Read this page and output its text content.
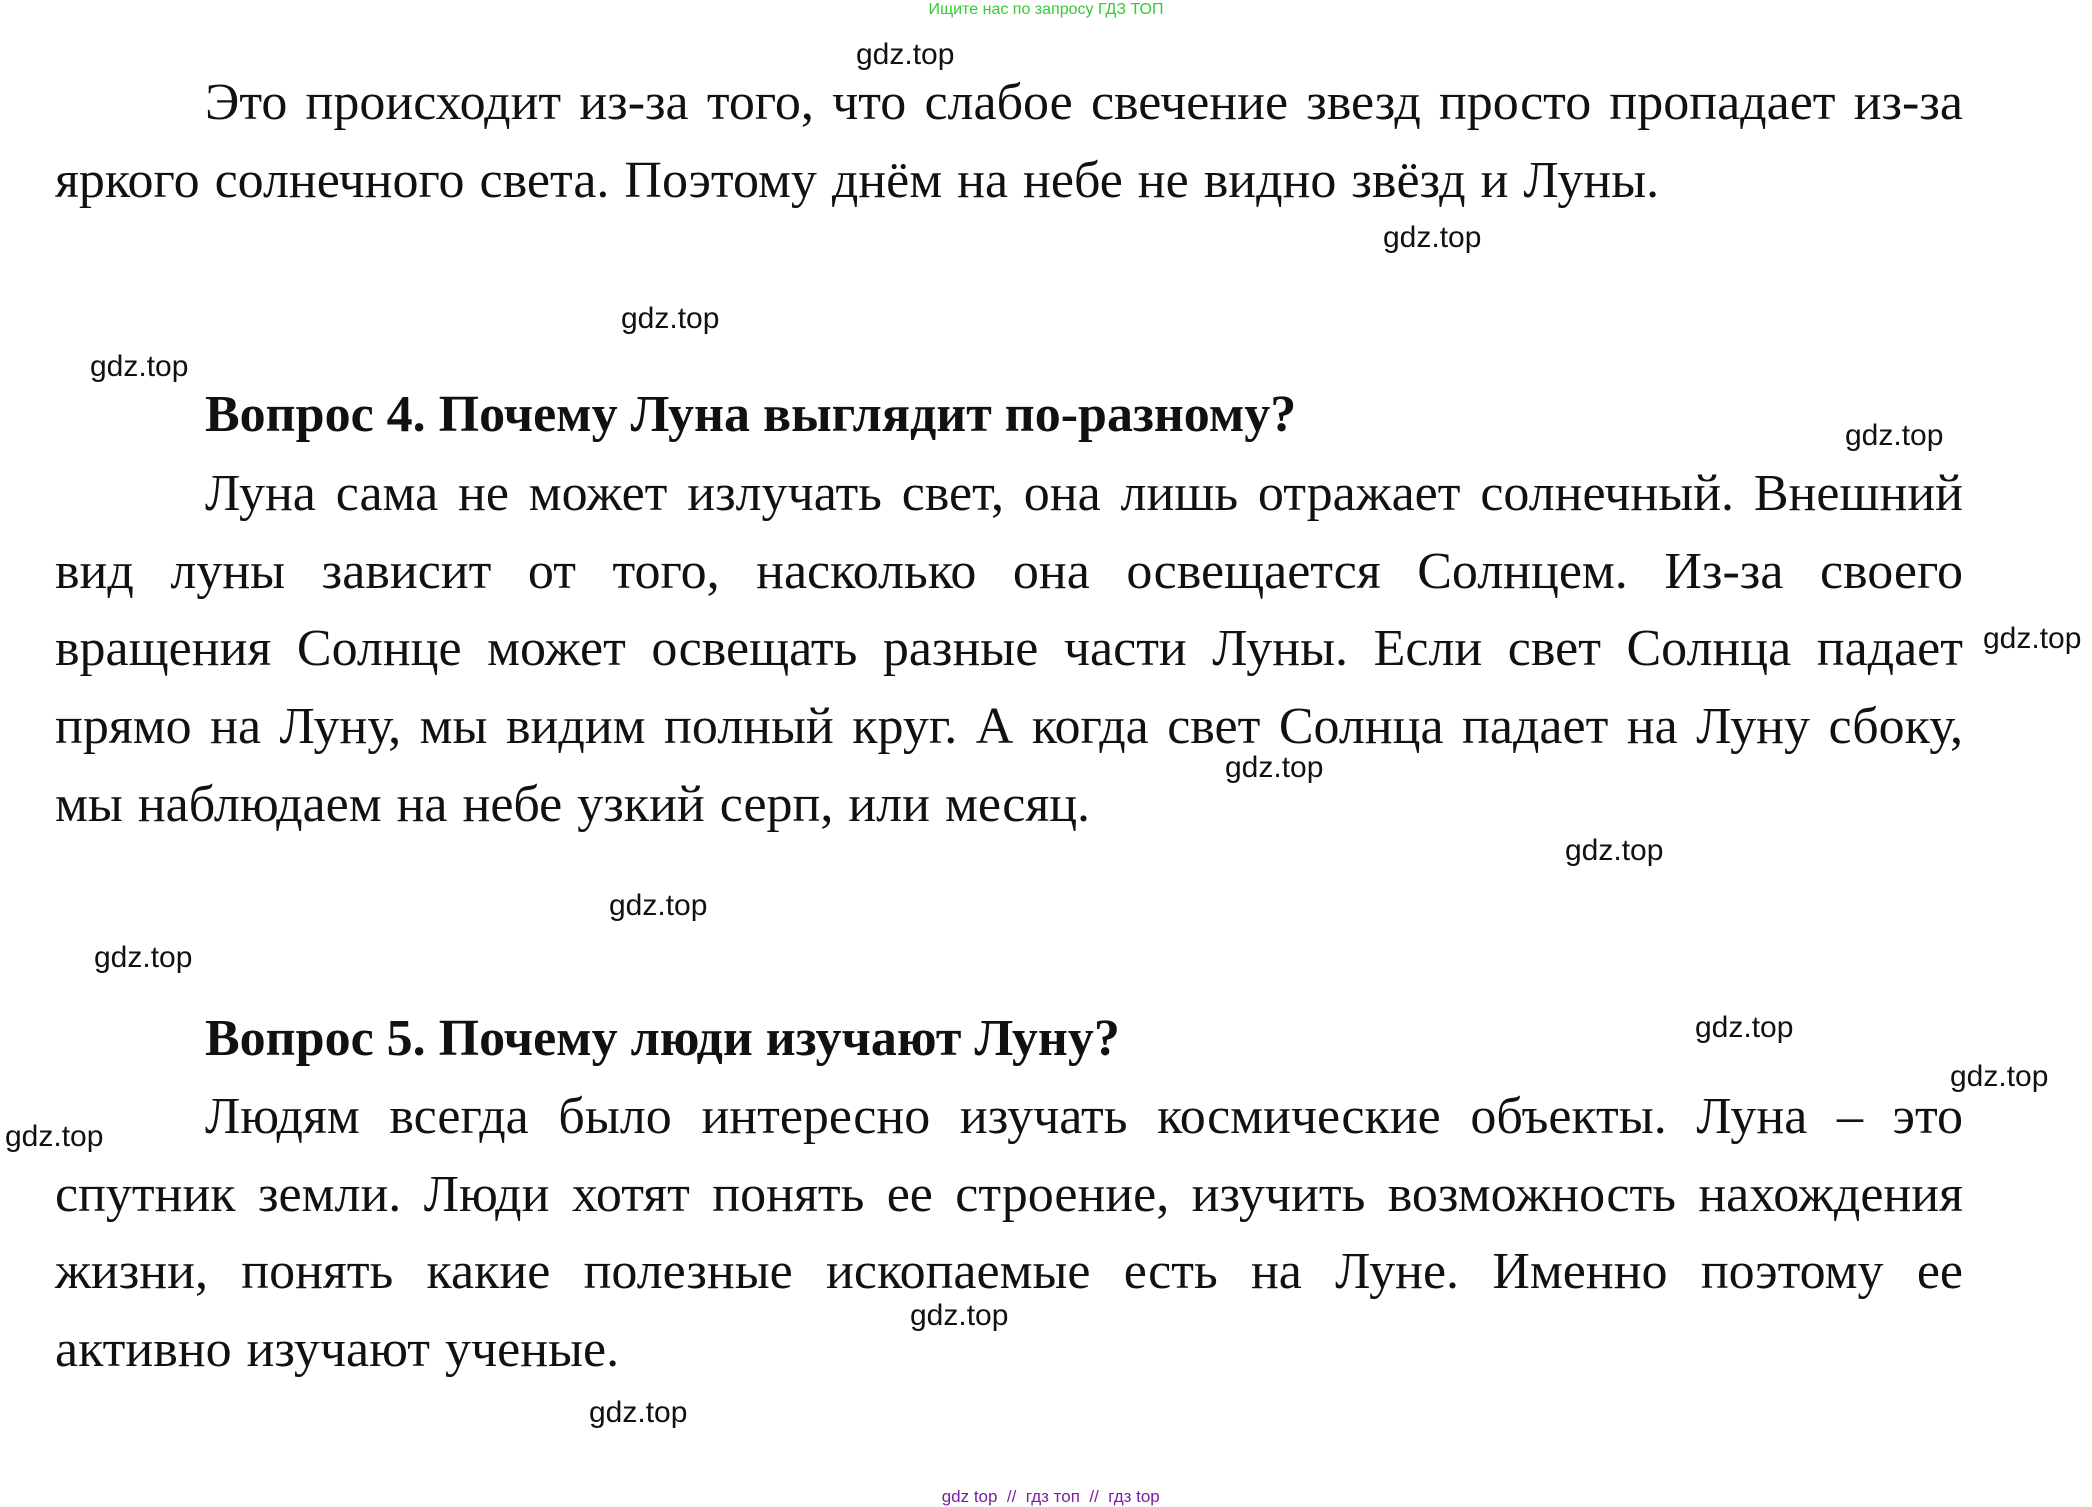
Ищите нас по запросу ГДЗ ТОП

Это происходит из-за того, что слабое свечение звезд просто пропадает из-за яркого солнечного света. Поэтому днём на небе не видно звёзд и Луны.

Вопрос 4. Почему Луна выглядит по-разному?

Луна сама не может излучать свет, она лишь отражает солнечный. Внешний вид луны зависит от того, насколько она освещается Солнцем. Из-за своего вращения Солнце может освещать разные части Луны. Если свет Солнца падает прямо на Луну, мы видим полный круг. А когда свет Солнца падает на Луну сбоку, мы наблюдаем на небе узкий серп, или месяц.

Вопрос 5. Почему люди изучают Луну?

Людям всегда было интересно изучать космические объекты. Луна – это спутник земли. Люди хотят понять ее строение, изучить возможность нахождения жизни, понять какие полезные ископаемые есть на Луне. Именно поэтому ее активно изучают ученые.

gdz.top
gdz.top
gdz.top
gdz.top
gdz.top
gdz.top
gdz.top
gdz.top
gdz.top
gdz.top
gdz.top
gdz.top
gdz.top
gdz.top
gdz.top

gdz top  //  гдз топ  //  гдз top
